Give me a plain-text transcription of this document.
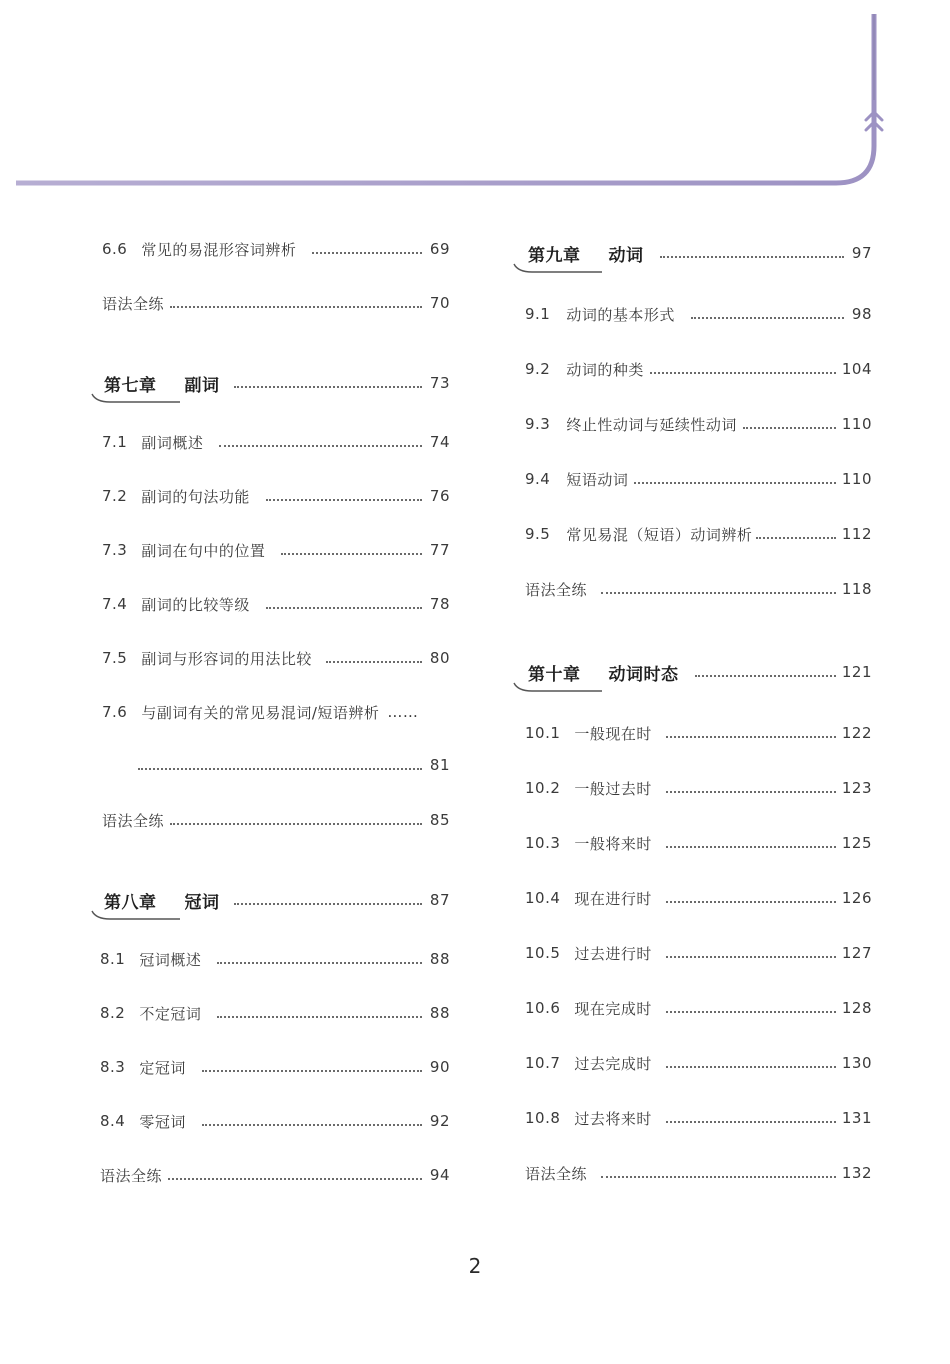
6.6 常见的易混形容词辨析	69
语法全练	70
第七章 副词	73
7.1 副词概述	74
7.2 副词的句法功能	76
7.3 副词在句中的位置	77
7.4 副词的比较等级	78
7.5 副词与形容词的用法比较	80
7.6 与副词有关的常见易混词/短语辨析 ……
81
语法全练	85
第八章 冠词	87
8.1 冠词概述	88
8.2 不定冠词	88
8.3 定冠词	90
8.4 零冠词	92
语法全练	94
第九章 动词	97
9.1 动词的基本形式	98
9.2 动词的种类	104
9.3 终止性动词与延续性动词	110
9.4 短语动词	110
9.5 常见易混（短语）动词辨析	112
语法全练	118
第十章 动词时态	121
10.1 一般现在时	122
10.2 一般过去时	123
10.3 一般将来时	125
10.4 现在进行时	126
10.5 过去进行时	127
10.6 现在完成时	128
10.7 过去完成时	130
10.8 过去将来时	131
语法全练	132
2
